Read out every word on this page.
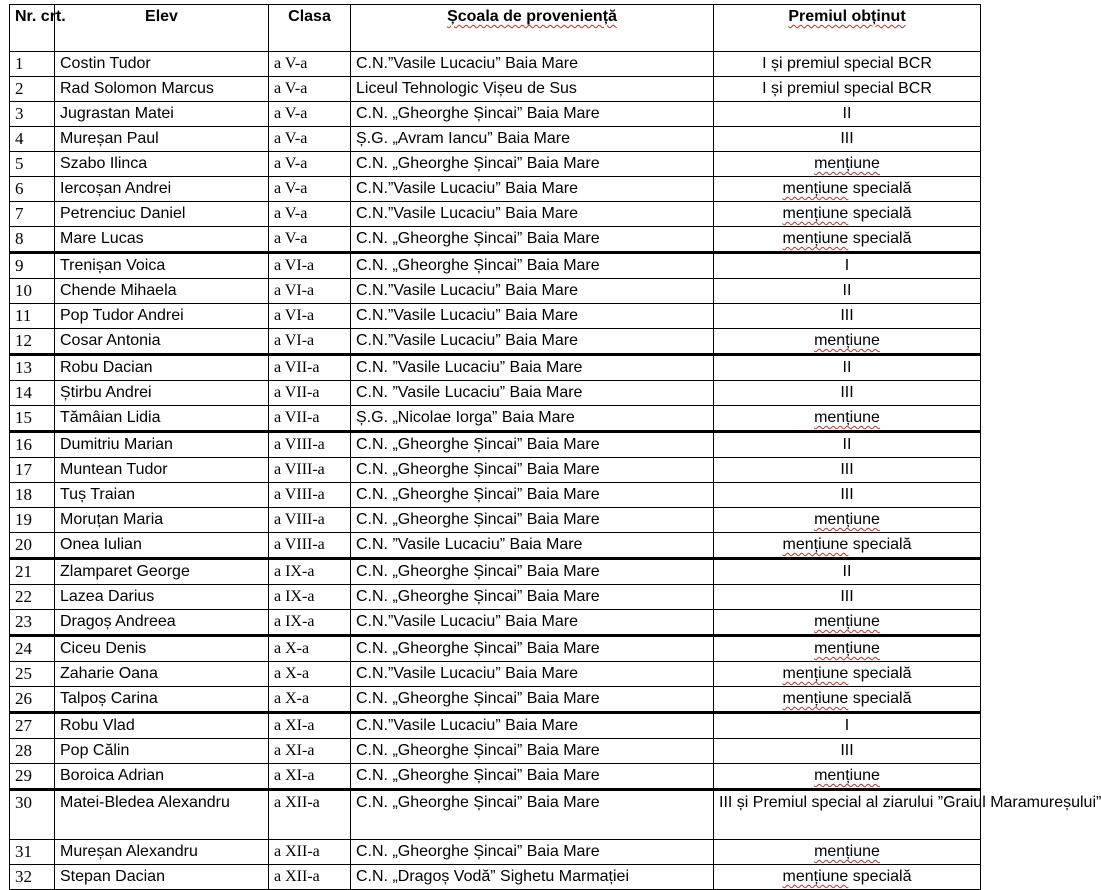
Nr. crt.	Elev	Clasa	Școala de proveniență	Premiul obținut
1	Costin Tudor	a V-a	C.N.”Vasile Lucaciu” Baia Mare	I și premiul special BCR
2	Rad Solomon Marcus	a V-a	Liceul Tehnologic Vișeu de Sus	I și premiul special BCR
3	Jugrastan Matei	a V-a	C.N. „Gheorghe Șincai” Baia Mare	II
4	Mureșan Paul	a V-a	Ș.G. „Avram Iancu” Baia Mare	III
5	Szabo Ilinca	a V-a	C.N. „Gheorghe Șincai” Baia Mare	mențiune
6	Iercoșan Andrei	a V-a	C.N.”Vasile Lucaciu” Baia Mare	mențiune specială
7	Petrenciuc Daniel	a V-a	C.N.”Vasile Lucaciu” Baia Mare	mențiune specială
8	Mare Lucas	a V-a	C.N. „Gheorghe Șincai” Baia Mare	mențiune specială
9	Trenișan Voica	a VI-a	C.N. „Gheorghe Șincai” Baia Mare	I
10	Chende Mihaela	a VI-a	C.N.”Vasile Lucaciu” Baia Mare	II
11	Pop Tudor Andrei	a VI-a	C.N.”Vasile Lucaciu” Baia Mare	III
12	Cosar Antonia	a VI-a	C.N.”Vasile Lucaciu” Baia Mare	mențiune
13	Robu Dacian	a VII-a	C.N. ”Vasile Lucaciu” Baia Mare	II
14	Știrbu Andrei	a VII-a	C.N. ”Vasile Lucaciu” Baia Mare	III
15	Tămâian Lidia	a VII-a	Ș.G. „Nicolae Iorga” Baia Mare	mențiune
16	Dumitriu Marian	a VIII-a	C.N. „Gheorghe Șincai” Baia Mare	II
17	Muntean Tudor	a VIII-a	C.N. „Gheorghe Șincai” Baia Mare	III
18	Tuș Traian	a VIII-a	C.N. „Gheorghe Șincai” Baia Mare	III
19	Moruțan Maria	a VIII-a	C.N. „Gheorghe Șincai” Baia Mare	mențiune
20	Onea Iulian	a VIII-a	C.N. ”Vasile Lucaciu” Baia Mare	mențiune specială
21	Zlamparet George	a IX-a	C.N. „Gheorghe Șincai” Baia Mare	II
22	Lazea Darius	a IX-a	C.N. „Gheorghe Șincai” Baia Mare	III
23	Dragoș Andreea	a IX-a	C.N.”Vasile Lucaciu” Baia Mare	mențiune
24	Ciceu Denis	a X-a	C.N. „Gheorghe Șincai” Baia Mare	mențiune
25	Zaharie Oana	a X-a	C.N.”Vasile Lucaciu” Baia Mare	mențiune specială
26	Talpoș Carina	a X-a	C.N. „Gheorghe Șincai” Baia Mare	mențiune specială
27	Robu Vlad	a XI-a	C.N.”Vasile Lucaciu” Baia Mare	I
28	Pop Călin	a XI-a	C.N. „Gheorghe Șincai” Baia Mare	III
29	Boroica Adrian	a XI-a	C.N. „Gheorghe Șincai” Baia Mare	mențiune
30	Matei-Bledea Alexandru	a XII-a	C.N. „Gheorghe Șincai” Baia Mare	III și Premiul special al ziarului ”Graiul Maramureșului”
31	Mureșan Alexandru	a XII-a	C.N. „Gheorghe Șincai” Baia Mare	mențiune
32	Stepan Dacian	a XII-a	C.N. „Dragoș Vodă” Sighetu Marmației	mențiune specială
